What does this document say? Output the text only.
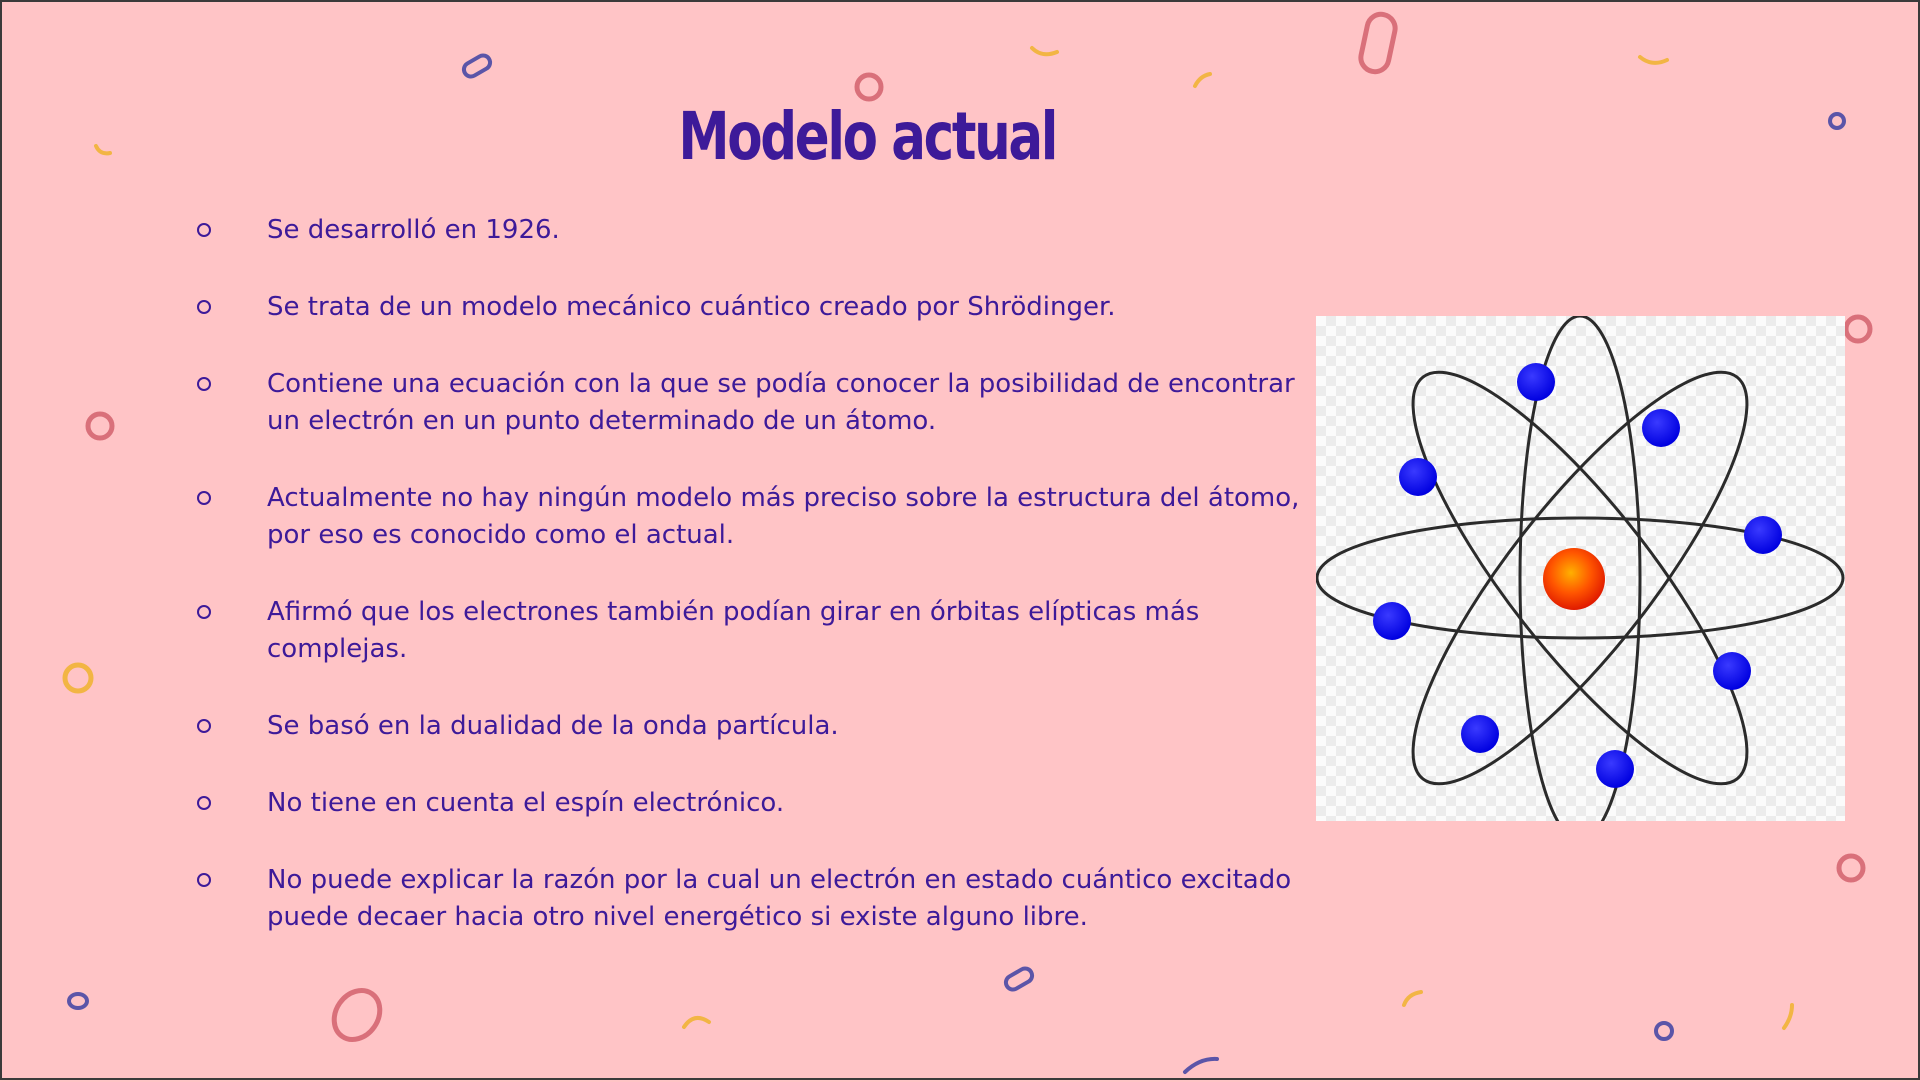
Modelo actual
Se desarrolló en 1926.
Se trata de un modelo mecánico cuántico creado por Shrödinger.
Contiene una ecuación con la que se podía conocer la posibilidad de encontrar un electrón en un punto determinado de un átomo.
Actualmente no hay ningún modelo más preciso sobre la estructura del átomo, por eso es conocido como el actual.
Afirmó que los electrones también podían girar en órbitas elípticas más complejas.
Se basó en la dualidad de la onda partícula.
No tiene en cuenta el espín electrónico.
No puede explicar la razón por la cual un electrón en estado cuántico excitado puede decaer hacia otro nivel energético si existe alguno libre.
